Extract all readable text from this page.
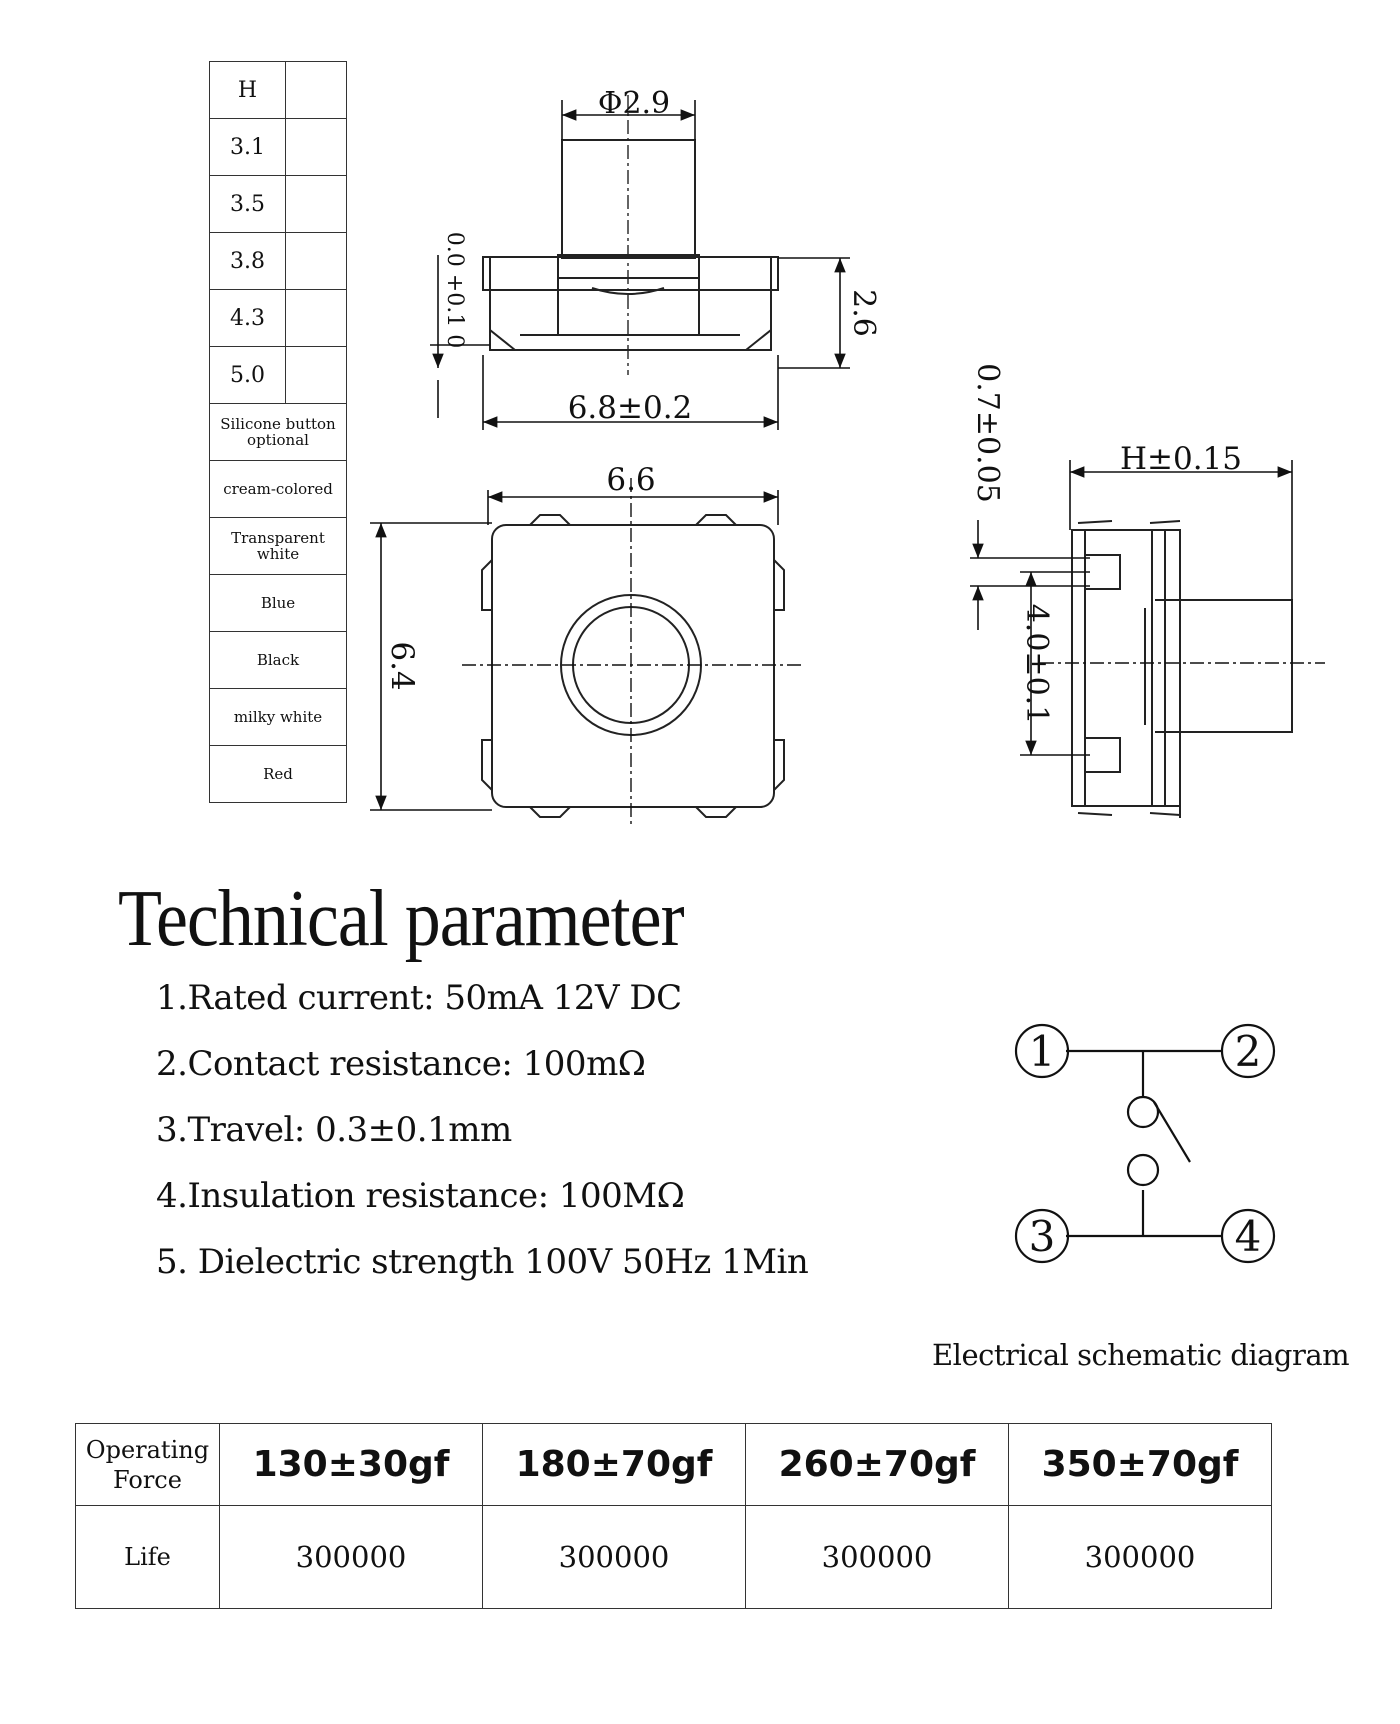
H	
3.1	
3.5	
3.8	
4.3	
5.0	
Silicone button optional	
cream-colored	
Transparent white	
Blue	
Black	
milky white	
Red	
Φ2.9
2.6
0.0 +0.1 0
6.8±0.2
6.6
6.4
H±0.15
0.7±0.05
4.0±0.1
1	2
3	4
Technical parameter
1.Rated current: 50mA 12V DC
2.Contact resistance: 100mΩ
3.Travel: 0.3±0.1mm
4.Insulation resistance: 100MΩ
5. Dielectric strength 100V 50Hz 1Min
Electrical schematic diagram
Operating Force	130±30gf	180±70gf	260±70gf	350±70gf
Life	300000	300000	300000	300000
